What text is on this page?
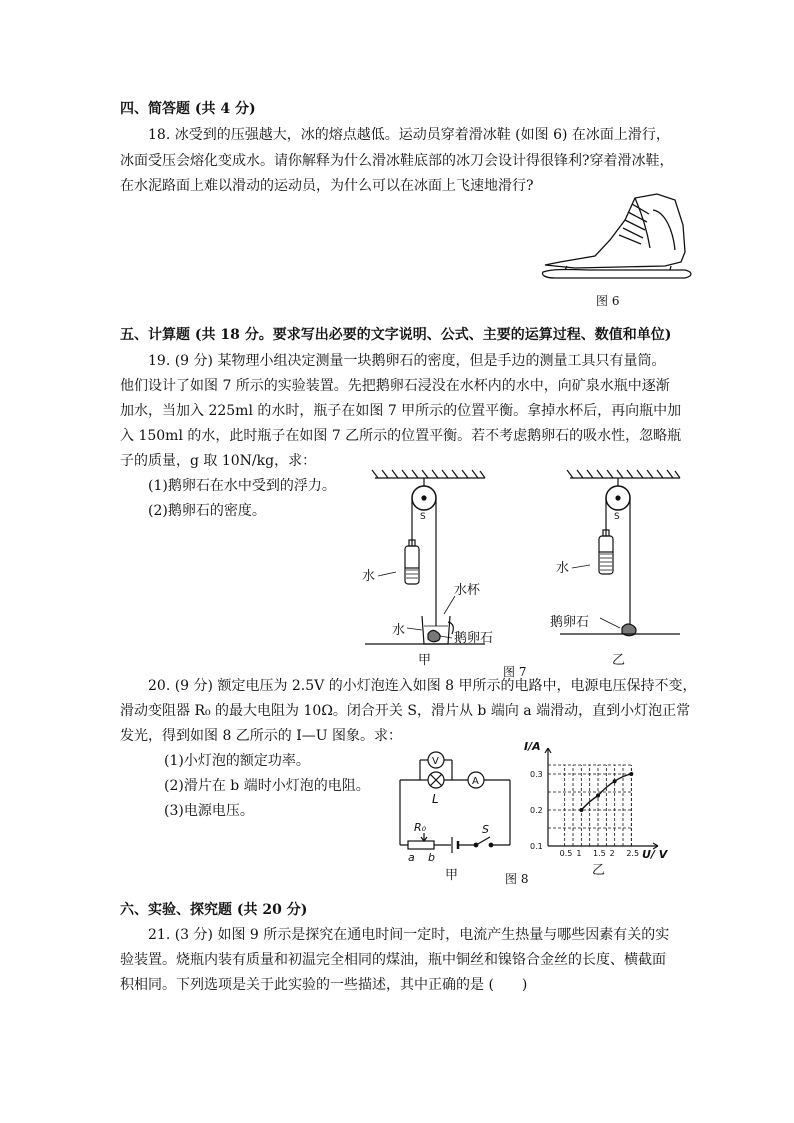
四、简答题 (共 4 分)
18. 冰受到的压强越大，冰的熔点越低。运动员穿着滑冰鞋 (如图 6) 在冰面上滑行，
冰面受压会熔化变成水。请你解释为什么滑冰鞋底部的冰刀会设计得很锋利?穿着滑冰鞋，
在水泥路面上难以滑动的运动员，为什么可以在冰面上飞速地滑行?
图 6
五、计算题 (共 18 分。要求写出必要的文字说明、公式、主要的运算过程、数值和单位)
19. (9 分) 某物理小组决定测量一块鹅卵石的密度，但是手边的测量工具只有量筒。
他们设计了如图 7 所示的实验装置。先把鹅卵石浸没在水杯内的水中，向矿泉水瓶中逐渐
加水，当加入 225ml 的水时，瓶子在如图 7 甲所示的位置平衡。拿掉水杯后，再向瓶中加
入 150ml 的水，此时瓶子在如图 7 乙所示的位置平衡。若不考虑鹅卵石的吸水性，忽略瓶
子的质量，g 取 10N/kg，求：
(1)鹅卵石在水中受到的浮力。
(2)鹅卵石的密度。	S
水
水杯
水
鹅卵石
甲
S
水
鹅卵石
乙
图 7
20. (9 分) 额定电压为 2.5V 的小灯泡连入如图 8 甲所示的电路中，电源电压保持不变，
滑动变阻器 R₀ 的最大电阻为 10Ω。闭合开关 S，滑片从 b 端向 a 端滑动，直到小灯泡正常
发光，得到如图 8 乙所示的 I—U 图象。求：
(1)小灯泡的额定功率。
(2)滑片在 b 端时小灯泡的电阻。
(3)电源电压。
V
A
L
R₀	S
a b
甲
0.5 1 1.5 2 2.5
0.1
0.2
0.3
I/A
U/ V
乙
图 8
六、实验、探究题 (共 20 分)
21. (3 分) 如图 9 所示是探究在通电时间一定时，电流产生热量与哪些因素有关的实
验装置。烧瓶内装有质量和初温完全相同的煤油，瓶中铜丝和镍铬合金丝的长度、横截面
积相同。下列选项是关于此实验的一些描述，其中正确的是 (　　)
